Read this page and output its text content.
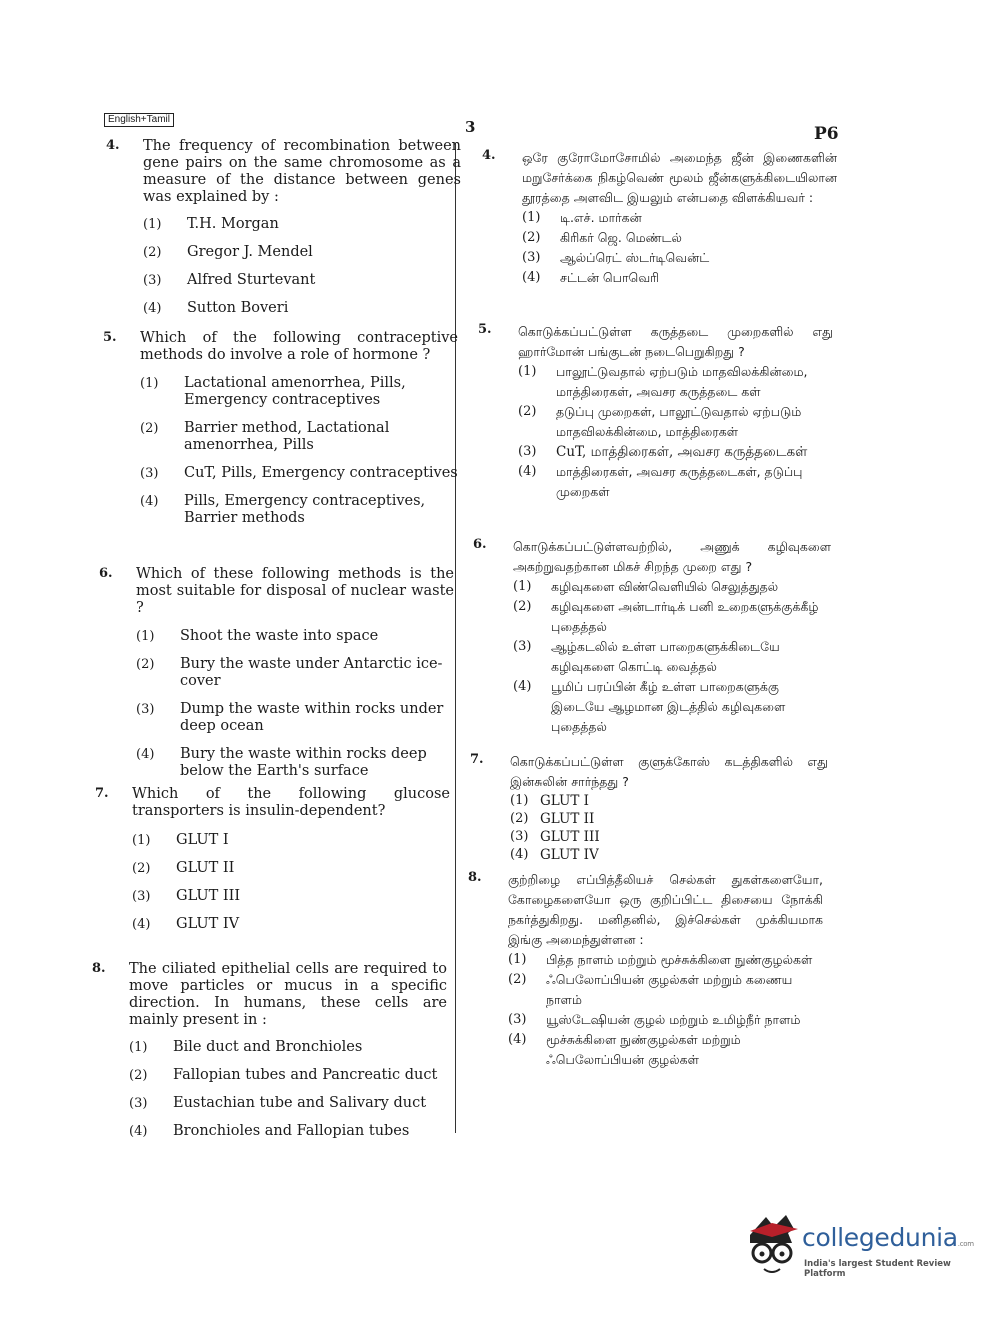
English+Tamil	3	P6
4. The frequency of recombination between gene pairs on the same chromosome as a measure of the distance between genes was explained by :
(1) T.H. Morgan
(2) Gregor J. Mendel
(3) Alfred Sturtevant
(4) Sutton Boveri
5. Which of the following contraceptive methods do involve a role of hormone ?
(1) Lactational amenorrhea, Pills, Emergency contraceptives
(2) Barrier method, Lactational amenorrhea, Pills
(3) CuT, Pills, Emergency contraceptives
(4) Pills, Emergency contraceptives, Barrier methods
6. Which of these following methods is the most suitable for disposal of nuclear waste ?
(1) Shoot the waste into space
(2) Bury the waste under Antarctic ice-cover
(3) Dump the waste within rocks under deep ocean
(4) Bury the waste within rocks deep below the Earth's surface
7. Which of the following glucose transporters is insulin-dependent?
(1) GLUT I
(2) GLUT II
(3) GLUT III
(4) GLUT IV
8. The ciliated epithelial cells are required to move particles or mucus in a specific direction. In humans, these cells are mainly present in :
(1) Bile duct and Bronchioles
(2) Fallopian tubes and Pancreatic duct
(3) Eustachian tube and Salivary duct
(4) Bronchioles and Fallopian tubes
4. ஒரே குரோமோசோமில் அமைந்த ஜீன் இணைகளின் மறுசேர்க்கை நிகழ்வெண் மூலம் ஜீன்களுக்கிடையிலான தூரத்தை அளவிட இயலும் என்பதை விளக்கியவர் :
(1) டி.எச். மார்கன்
(2) கிரிகர் ஜெ. மெண்டல்
(3) ஆல்ப்ரெட் ஸ்டர்டிவென்ட்
(4) சட்டன் பொவெரி
5. கொடுக்கப்பட்டுள்ள கருத்தடை முறைகளில் எது ஹார்மோன் பங்குடன் நடைபெறுகிறது ?
(1) பாலூட்டுவதால் ஏற்படும் மாதவிலக்கின்மை, மாத்திரைகள், அவசர கருத்தடை கள்
(2) தடுப்பு முறைகள், பாலூட்டுவதால் ஏற்படும் மாதவிலக்கின்மை, மாத்திரைகள்
(3) CuT, மாத்திரைகள், அவசர கருத்தடைகள்
(4) மாத்திரைகள், அவசர கருத்தடைகள், தடுப்பு முறைகள்
6. கொடுக்கப்பட்டுள்ளவற்றில், அணுக் கழிவுகளை அகற்றுவதற்கான மிகச் சிறந்த முறை எது ?
(1) கழிவுகளை விண்வெளியில் செலுத்துதல்
(2) கழிவுகளை அன்டார்டிக் பனி உறைகளுக்குக்கீழ் புதைத்தல்
(3) ஆழ்கடலில் உள்ள பாறைகளுக்கிடையே கழிவுகளை கொட்டி வைத்தல்
(4) பூமிப் பரப்பின் கீழ் உள்ள பாறைகளுக்கு இடையே ஆழமான இடத்தில் கழிவுகளை புதைத்தல்
7. கொடுக்கப்பட்டுள்ள குளுக்கோஸ் கடத்திகளில் எது இன்சுலின் சார்ந்தது ?
(1) GLUT I
(2) GLUT II
(3) GLUT III
(4) GLUT IV
8. குற்றிழை எப்பித்தீலியச் செல்கள் துகள்களையோ, கோழைகளையோ ஒரு குறிப்பிட்ட திசையை நோக்கி நகர்த்துகிறது. மனிதனில், இச்செல்கள் முக்கியமாக இங்கு அமைந்துள்ளன :
(1) பித்த நாளம் மற்றும் மூச்சுக்கிளை நுண்குழல்கள்
(2) ஃபெலோப்பியன் குழல்கள் மற்றும் கணைய நாளம்
(3) யூஸ்டேஷியன் குழல் மற்றும் உமிழ்நீர் நாளம்
(4) மூச்சுக்கிளை நுண்குழல்கள் மற்றும் ஃபெலோப்பியன் குழல்கள்
collegedunia.com
India's largest Student Review Platform
